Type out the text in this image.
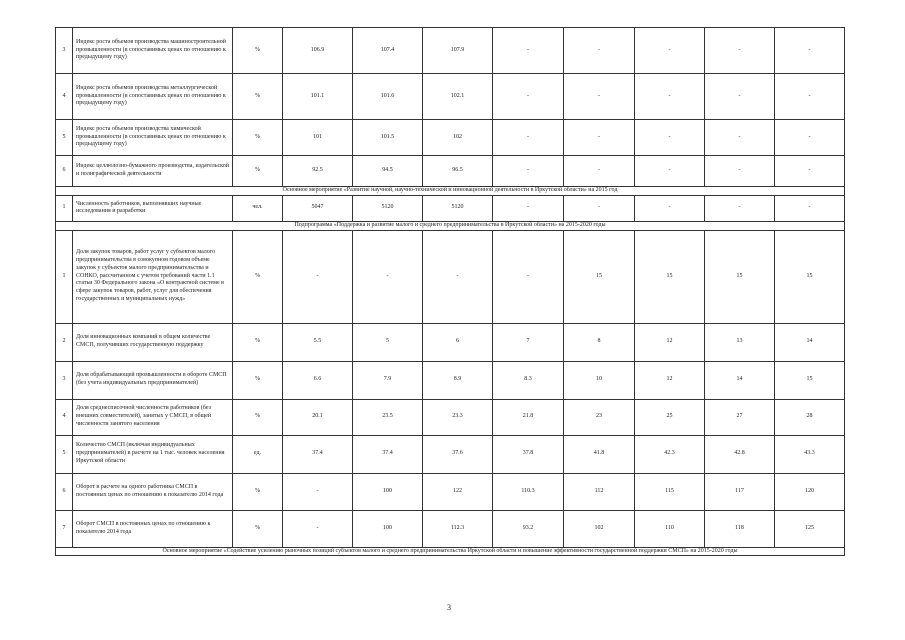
3	Индекс роста объемов производства машиностроительной промышленности (в сопоставимых ценах по отношению к предыдущему году)	%	106.9	107.4	107.9	-	-	-	-	-
4	Индекс роста объемов производства металлургической промышленности (в сопоставимых ценах по отношению к предыдущему году)	%	101.1	101.6	102.1	-	-	-	-	-
5	Индекс роста объемов производства химической промышленности (в сопоставимых ценах по отношению к предыдущему году)	%	101	101.5	102	-	-	-	-	-
6	Индекс целлюлозно-бумажного производства, издательской и полиграфической деятельности	%	92.5	94.5	96.5	-	-	-	-	-
Основное мероприятие «Развитие научной, научно-технической и инновационной деятельности в Иркутской области» на 2015 год										
1	Численность работников, выполнявших научные исследования и разработки	чел.	5047	5120	5120	-	-	-	-	-
Подпрограмма «Поддержка и развитие малого и среднего предпринимательства в Иркутской области» на 2015-2020 годы										
1	Доля закупок товаров, работ услуг у субъектов малого предпринимательства в совокупном годовом объеме закупок у субъектов малого предпринимательства и СОНКО, рассчитанном с учетом требований части 1.1 статьи 30 Федерального закона «О контрактной системе в сфере закупок товаров, работ, услуг для обеспечения государственных и муниципальных нужд»	%	-	-	-	-	15	15	15	15
2	Доля инновационных компаний в общем количестве СМСП, получивших государственную поддержку	%	5.5	5	6	7	8	12	13	14
3	Доля обрабатывающей промышленности в обороте СМСП (без учета индивидуальных предпринимателей)	%	6.6	7.9	8.9	8.3	10	12	14	15
4	Доля среднесписочной численности работников (без внешних совместителей), занятых у СМСП, в общей численности занятого населения	%	20.1	23.5	23.3	21.8	23	25	27	28
5	Количество СМСП (включая индивидуальных предпринимателей) в расчете на 1 тыс. человек населения Иркутской области	ед.	37.4	37.4	37.6	37.8	41.8	42.3	42.8	43.3
6	Оборот в расчете на одного работника СМСП в постоянных ценах по отношению к показателю 2014 года	%	-	100	122	110.3	112	115	117	120
7	Оборот СМСП в постоянных ценах по отношению к показателю 2014 года	%	-	100	112.3	93.2	102	110	118	125
Основное мероприятие «Содействие усилению рыночных позиций субъектов малого и среднего предпринимательства Иркутской области и повышение эффективности государственной поддержки СМСП» на 2015-2020 годы										
3
